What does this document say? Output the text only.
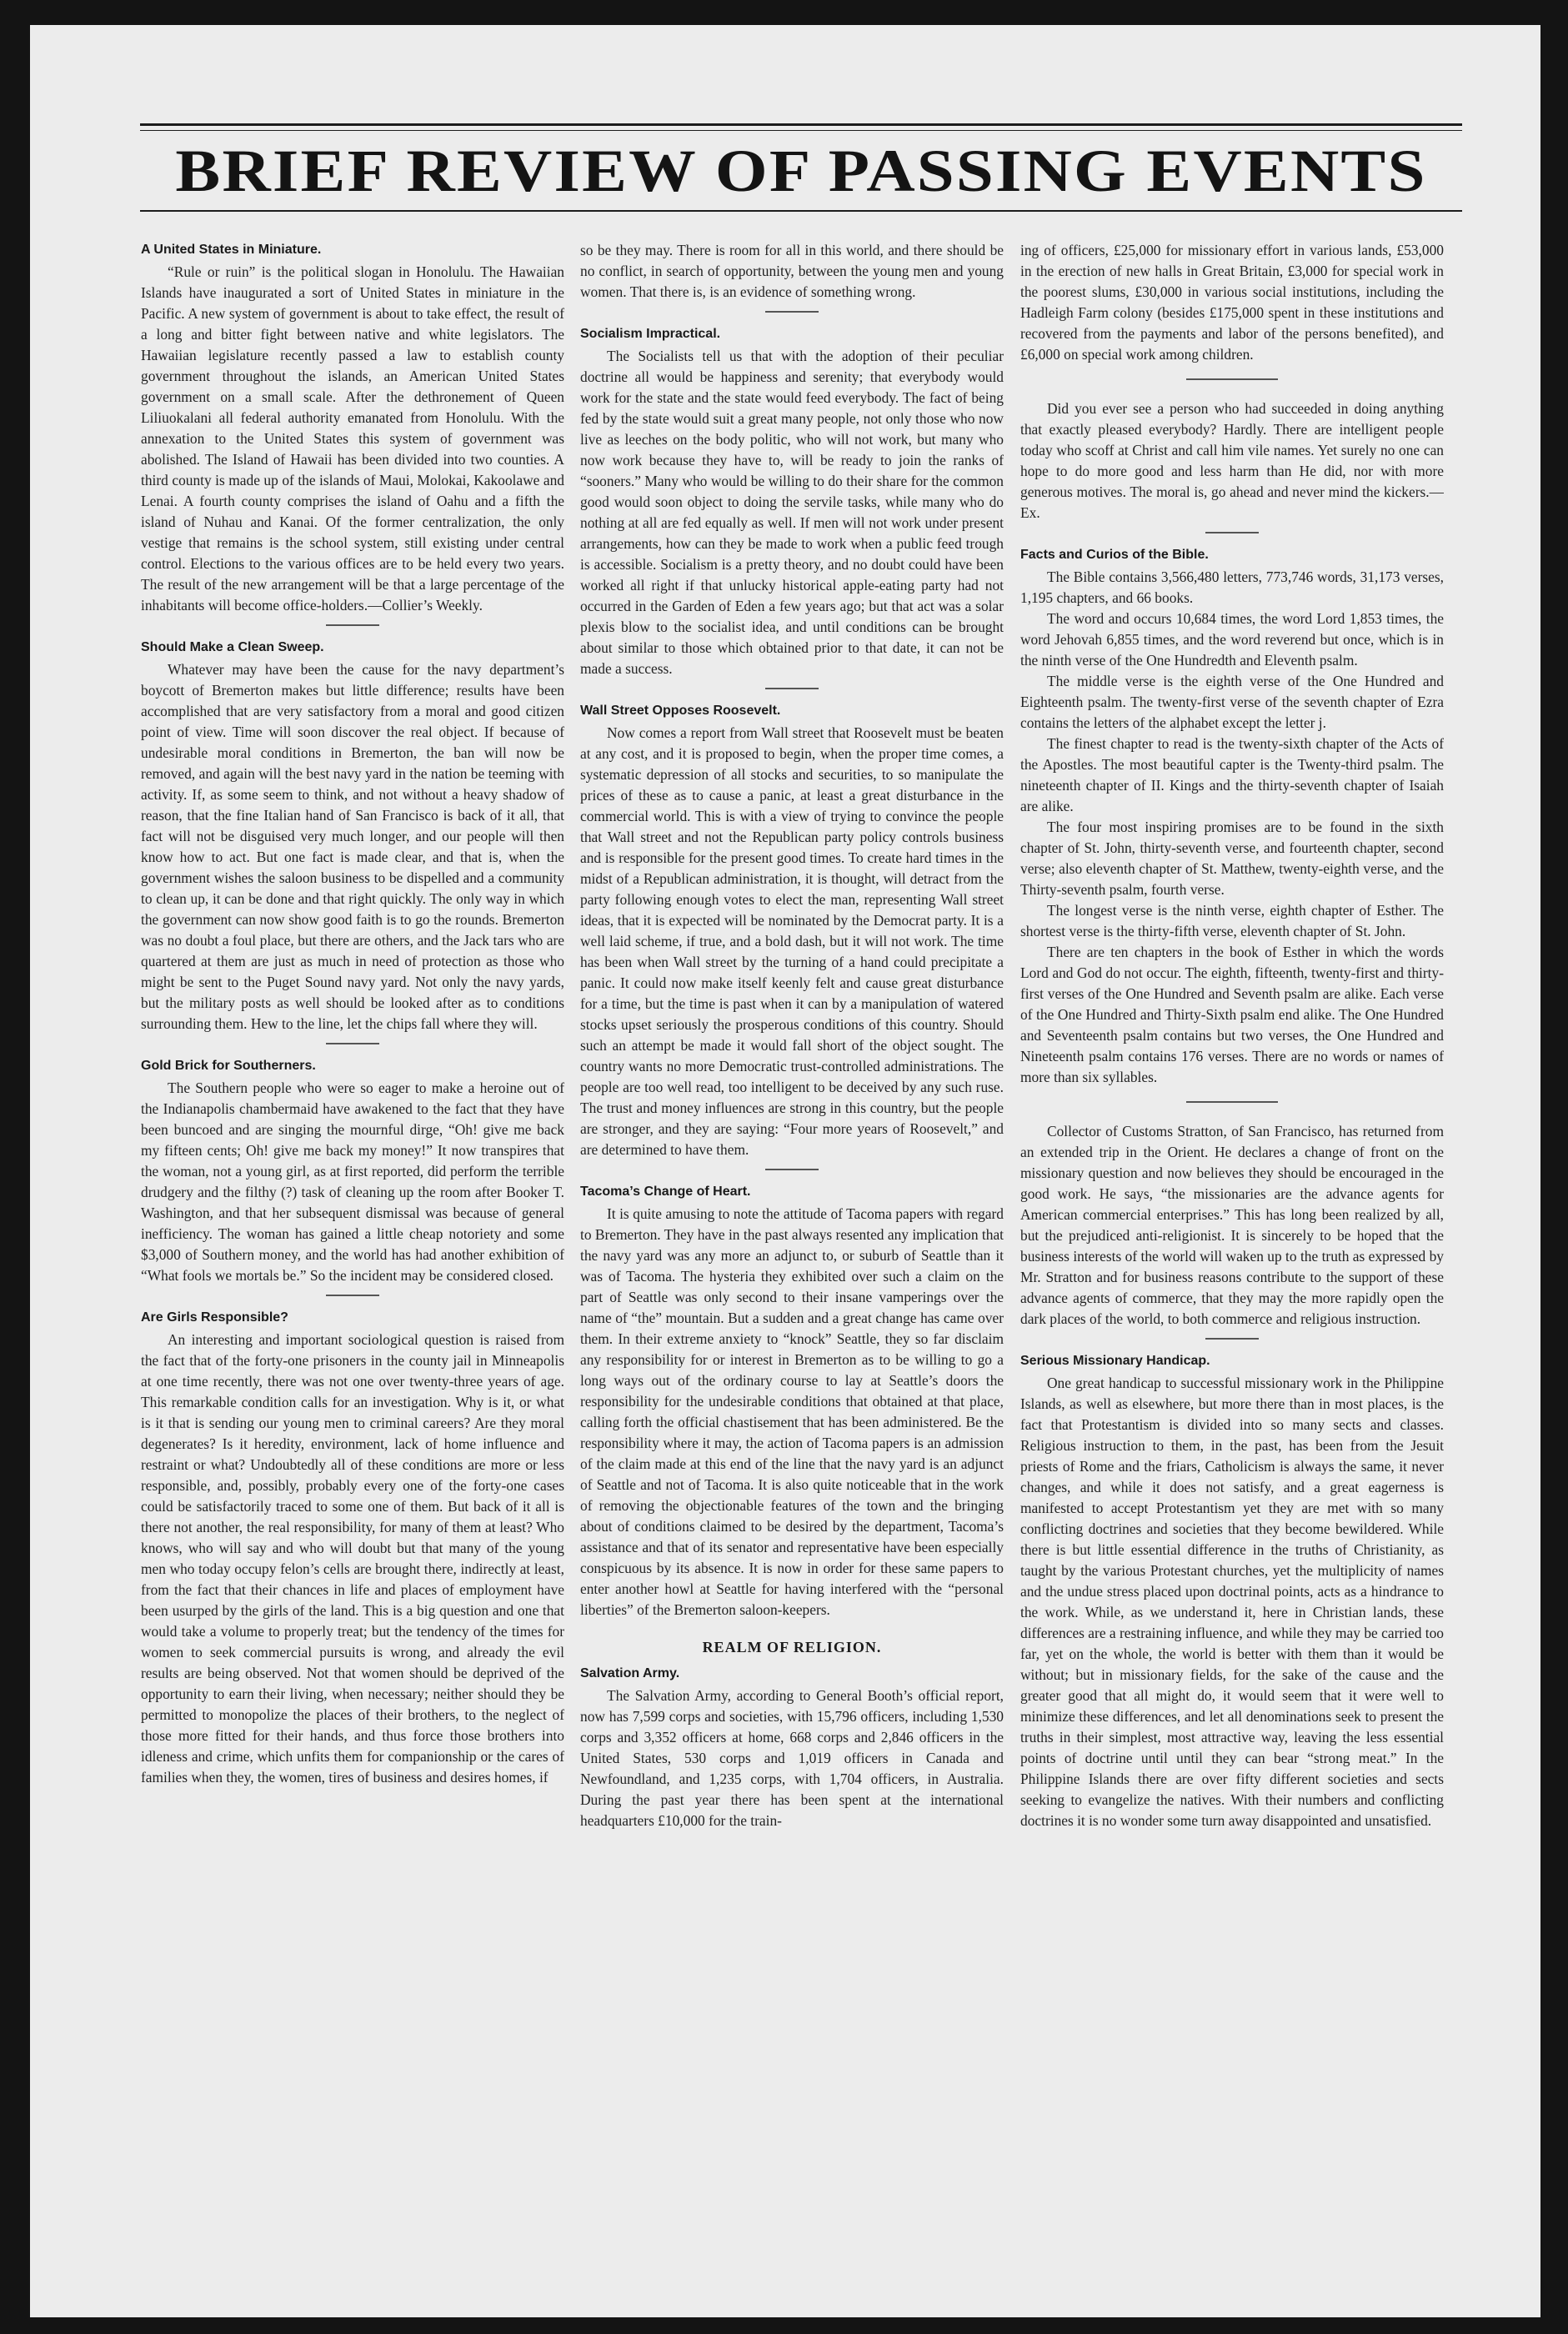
BRIEF REVIEW OF PASSING EVENTS
A United States in Miniature.

“Rule or ruin” is the political slogan in Honolulu. The Hawaiian Islands have inaugurated a sort of United States in miniature in the Pacific. A new system of government is about to take effect, the result of a long and bitter fight between native and white legislators. The Hawaiian legislature recently passed a law to establish county government throughout the islands, an American United States government on a small scale. After the dethronement of Queen Liliuokalani all federal authority emanated from Honolulu. With the annexation to the United States this system of government was abolished. The Island of Hawaii has been divided into two counties. A third county is made up of the islands of Maui, Molokai, Kakoolawe and Lenai. A fourth county comprises the island of Oahu and a fifth the island of Nuhau and Kanai. Of the former centralization, the only vestige that remains is the school system, still existing under central control. Elections to the various offices are to be held every two years. The result of the new arrangement will be that a large percentage of the inhabitants will become office-holders.—Collier’s Weekly.

Should Make a Clean Sweep.

Whatever may have been the cause for the navy department’s boycott of Bremerton makes but little difference; results have been accomplished that are very satisfactory from a moral and good citizen point of view. Time will soon discover the real object. If because of undesirable moral conditions in Bremerton, the ban will now be removed, and again will the best navy yard in the nation be teeming with activity. If, as some seem to think, and not without a heavy shadow of reason, that the fine Italian hand of San Francisco is back of it all, that fact will not be disguised very much longer, and our people will then know how to act. But one fact is made clear, and that is, when the government wishes the saloon business to be dispelled and a community to clean up, it can be done and that right quickly. The only way in which the government can now show good faith is to go the rounds. Bremerton was no doubt a foul place, but there are others, and the Jack tars who are quartered at them are just as much in need of protection as those who might be sent to the Puget Sound navy yard. Not only the navy yards, but the military posts as well should be looked after as to conditions surrounding them. Hew to the line, let the chips fall where they will.

Gold Brick for Southerners.

The Southern people who were so eager to make a heroine out of the Indianapolis chambermaid have awakened to the fact that they have been buncoed and are singing the mournful dirge, “Oh! give me back my fifteen cents; Oh! give me back my money!” It now transpires that the woman, not a young girl, as at first reported, did perform the terrible drudgery and the filthy (?) task of cleaning up the room after Booker T. Washington, and that her subsequent dismissal was because of general inefficiency. The woman has gained a little cheap notoriety and some $3,000 of Southern money, and the world has had another exhibition of “What fools we mortals be.” So the incident may be considered closed.

Are Girls Responsible?

An interesting and important sociological question is raised from the fact that of the forty-one prisoners in the county jail in Minneapolis at one time recently, there was not one over twenty-three years of age. This remarkable condition calls for an investigation. Why is it, or what is it that is sending our young men to criminal careers? Are they moral degenerates? Is it heredity, environment, lack of home influence and restraint or what? Undoubtedly all of these conditions are more or less responsible, and, possibly, probably every one of the forty-one cases could be satisfactorily traced to some one of them. But back of it all is there not another, the real responsibility, for many of them at least? Who knows, who will say and who will doubt but that many of the young men who today occupy felon’s cells are brought there, indirectly at least, from the fact that their chances in life and places of employment have been usurped by the girls of the land. This is a big question and one that would take a volume to properly treat; but the tendency of the times for women to seek commercial pursuits is wrong, and already the evil results are being observed. Not that women should be deprived of the opportunity to earn their living, when necessary; neither should they be permitted to monopolize the places of their brothers, to the neglect of those more fitted for their hands, and thus force those brothers into idleness and crime, which unfits them for companionship or the cares of families when they, the women, tires of business and desires homes, if

so be they may. There is room for all in this world, and there should be no conflict, in search of opportunity, between the young men and young women. That there is, is an evidence of something wrong.

Socialism Impractical.

The Socialists tell us that with the adoption of their peculiar doctrine all would be happiness and serenity; that everybody would work for the state and the state would feed everybody. The fact of being fed by the state would suit a great many people, not only those who now live as leeches on the body politic, who will not work, but many who now work because they have to, will be ready to join the ranks of “sooners.” Many who would be willing to do their share for the common good would soon object to doing the servile tasks, while many who do nothing at all are fed equally as well. If men will not work under present arrangements, how can they be made to work when a public feed trough is accessible. Socialism is a pretty theory, and no doubt could have been worked all right if that unlucky historical apple-eating party had not occurred in the Garden of Eden a few years ago; but that act was a solar plexis blow to the socialist idea, and until conditions can be brought about similar to those which obtained prior to that date, it can not be made a success.

Wall Street Opposes Roosevelt.

Now comes a report from Wall street that Roosevelt must be beaten at any cost, and it is proposed to begin, when the proper time comes, a systematic depression of all stocks and securities, to so manipulate the prices of these as to cause a panic, at least a great disturbance in the commercial world. This is with a view of trying to convince the people that Wall street and not the Republican party policy controls business and is responsible for the present good times. To create hard times in the midst of a Republican administration, it is thought, will detract from the party following enough votes to elect the man, representing Wall street ideas, that it is expected will be nominated by the Democrat party. It is a well laid scheme, if true, and a bold dash, but it will not work. The time has been when Wall street by the turning of a hand could precipitate a panic. It could now make itself keenly felt and cause great disturbance for a time, but the time is past when it can by a manipulation of watered stocks upset seriously the prosperous conditions of this country. Should such an attempt be made it would fall short of the object sought. The country wants no more Democratic trust-controlled administrations. The people are too well read, too intelligent to be deceived by any such ruse. The trust and money influences are strong in this country, but the people are stronger, and they are saying: “Four more years of Roosevelt,” and are determined to have them.

Tacoma’s Change of Heart.

It is quite amusing to note the attitude of Tacoma papers with regard to Bremerton. They have in the past always resented any implication that the navy yard was any more an adjunct to, or suburb of Seattle than it was of Tacoma. The hysteria they exhibited over such a claim on the part of Seattle was only second to their insane vamperings over the name of “the” mountain. But a sudden and a great change has came over them. In their extreme anxiety to “knock” Seattle, they so far disclaim any responsibility for or interest in Bremerton as to be willing to go a long ways out of the ordinary course to lay at Seattle’s doors the responsibility for the undesirable conditions that obtained at that place, calling forth the official chastisement that has been administered. Be the responsibility where it may, the action of Tacoma papers is an admission of the claim made at this end of the line that the navy yard is an adjunct of Seattle and not of Tacoma. It is also quite noticeable that in the work of removing the objectionable features of the town and the bringing about of conditions claimed to be desired by the department, Tacoma’s assistance and that of its senator and representative have been especially conspicuous by its absence. It is now in order for these same papers to enter another howl at Seattle for having interfered with the “personal liberties” of the Bremerton saloon-keepers.

REALM OF RELIGION.
Salvation Army.

The Salvation Army, according to General Booth’s official report, now has 7,599 corps and societies, with 15,796 officers, including 1,530 corps and 3,352 officers at home, 668 corps and 2,846 officers in the United States, 530 corps and 1,019 officers in Canada and Newfoundland, and 1,235 corps, with 1,704 officers, in Australia. During the past year there has been spent at the international headquarters £10,000 for the train-

ing of officers, £25,000 for missionary effort in various lands, £53,000 in the erection of new halls in Great Britain, £3,000 for special work in the poorest slums, £30,000 in various social institutions, including the Hadleigh Farm colony (besides £175,000 spent in these institutions and recovered from the payments and labor of the persons benefited), and £6,000 on special work among children.

Did you ever see a person who had succeeded in doing anything that exactly pleased everybody? Hardly. There are intelligent people today who scoff at Christ and call him vile names. Yet surely no one can hope to do more good and less harm than He did, nor with more generous motives. The moral is, go ahead and never mind the kickers.—Ex.

Facts and Curios of the Bible.

The Bible contains 3,566,480 letters, 773,746 words, 31,173 verses, 1,195 chapters, and 66 books.

The word and occurs 10,684 times, the word Lord 1,853 times, the word Jehovah 6,855 times, and the word reverend but once, which is in the ninth verse of the One Hundredth and Eleventh psalm.

The middle verse is the eighth verse of the One Hundred and Eighteenth psalm. The twenty-first verse of the seventh chapter of Ezra contains the letters of the alphabet except the letter j.

The finest chapter to read is the twenty-sixth chapter of the Acts of the Apostles. The most beautiful capter is the Twenty-third psalm. The nineteenth chapter of II. Kings and the thirty-seventh chapter of Isaiah are alike.

The four most inspiring promises are to be found in the sixth chapter of St. John, thirty-seventh verse, and fourteenth chapter, second verse; also eleventh chapter of St. Matthew, twenty-eighth verse, and the Thirty-seventh psalm, fourth verse.

The longest verse is the ninth verse, eighth chapter of Esther. The shortest verse is the thirty-fifth verse, eleventh chapter of St. John.

There are ten chapters in the book of Esther in which the words Lord and God do not occur. The eighth, fifteenth, twenty-first and thirty-first verses of the One Hundred and Seventh psalm are alike. Each verse of the One Hundred and Thirty-Sixth psalm end alike. The One Hundred and Seventeenth psalm contains but two verses, the One Hundred and Nineteenth psalm contains 176 verses. There are no words or names of more than six syllables.

Collector of Customs Stratton, of San Francisco, has returned from an extended trip in the Orient. He declares a change of front on the missionary question and now believes they should be encouraged in the good work. He says, “the missionaries are the advance agents for American commercial enterprises.” This has long been realized by all, but the prejudiced anti-religionist. It is sincerely to be hoped that the business interests of the world will waken up to the truth as expressed by Mr. Stratton and for business reasons contribute to the support of these advance agents of commerce, that they may the more rapidly open the dark places of the world, to both commerce and religious instruction.

Serious Missionary Handicap.

One great handicap to successful missionary work in the Philippine Islands, as well as elsewhere, but more there than in most places, is the fact that Protestantism is divided into so many sects and classes. Religious instruction to them, in the past, has been from the Jesuit priests of Rome and the friars, Catholicism is always the same, it never changes, and while it does not satisfy, and a great eagerness is manifested to accept Protestantism yet they are met with so many conflicting doctrines and societies that they become bewildered. While there is but little essential difference in the truths of Christianity, as taught by the various Protestant churches, yet the multiplicity of names and the undue stress placed upon doctrinal points, acts as a hindrance to the work. While, as we understand it, here in Christian lands, these differences are a restraining influence, and while they may be carried too far, yet on the whole, the world is better with them than it would be without; but in missionary fields, for the sake of the cause and the greater good that all might do, it would seem that it were well to minimize these differences, and let all denominations seek to present the truths in their simplest, most attractive way, leaving the less essential points of doctrine until until they can bear “strong meat.” In the Philippine Islands there are over fifty different societies and sects seeking to evangelize the natives. With their numbers and conflicting doctrines it is no wonder some turn away disappointed and unsatisfied.
